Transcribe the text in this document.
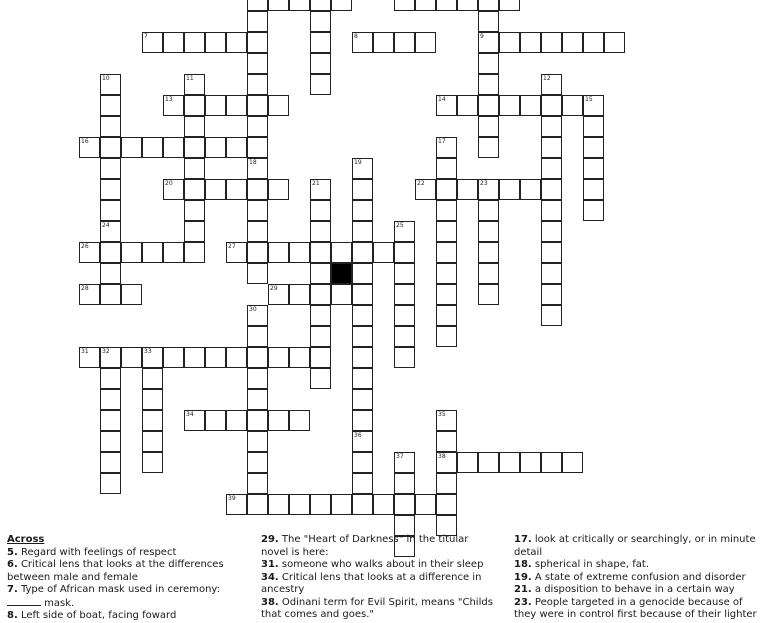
7	8	9
10	11	12
13	14	15
16	17
18	19
20	21	22	23
24	25
26	27
28	29
30
31 32	33
34	35
36
37	38
39
Across
5. Regard with feelings of respect
6. Critical lens that looks at the differences between male and female
7. Type of African mask used in ceremony:
mask.
8. Left side of boat, facing foward
29. The "Heart of Darkness" in the titular novel is here:
31. someone who walks about in their sleep
34. Critical lens that looks at a difference in ancestry
38. Odinani term for Evil Spirit, means "Childs that comes and goes."
17. look at critically or searchingly, or in minute detail
18. spherical in shape, fat.
19. A state of extreme confusion and disorder
21. a disposition to behave in a certain way
23. People targeted in a genocide because of they were in control first because of their lighter
